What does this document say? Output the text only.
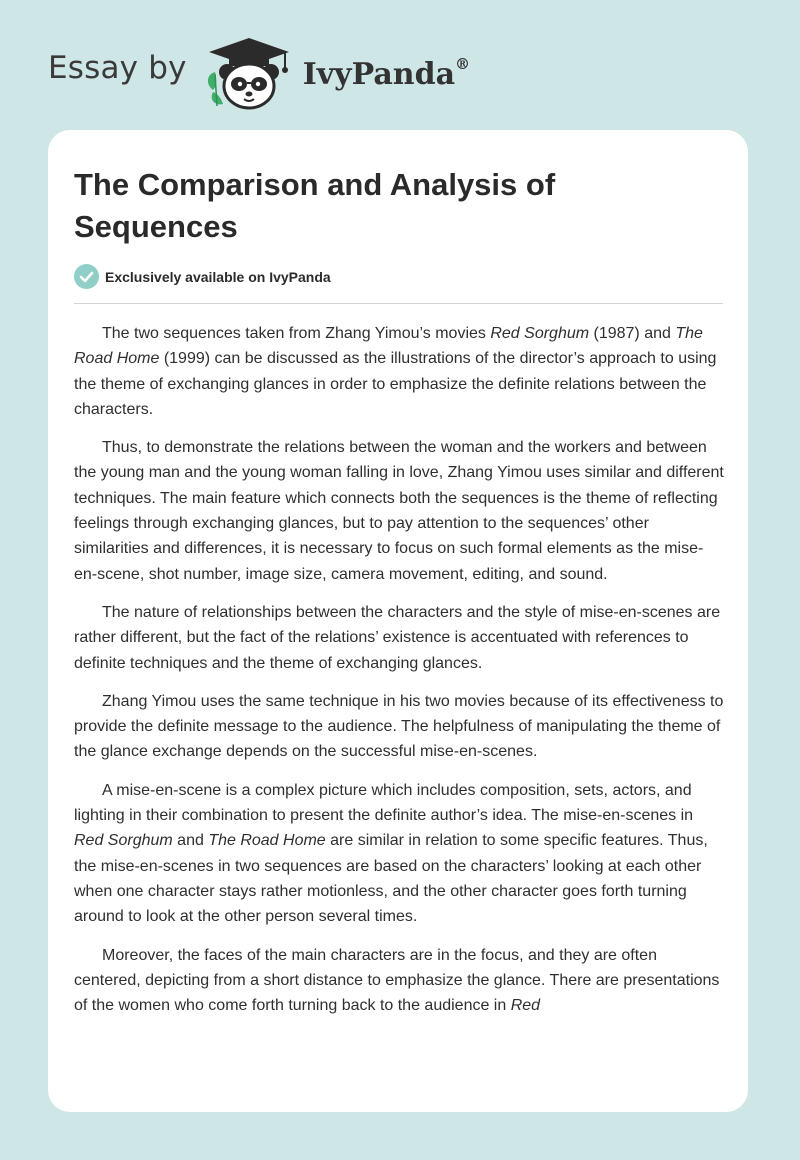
Essay by	IvyPanda®
The Comparison and Analysis of Sequences
Exclusively available on IvyPanda

The two sequences taken from Zhang Yimou’s movies Red Sorghum (1987) and The Road Home (1999) can be discussed as the illustrations of the director’s approach to using the theme of exchanging glances in order to emphasize the definite relations between the characters.

Thus, to demonstrate the relations between the woman and the workers and between the young man and the young woman falling in love, Zhang Yimou uses similar and different techniques. The main feature which connects both the sequences is the theme of reflecting feelings through exchanging glances, but to pay attention to the sequences’ other similarities and differences, it is necessary to focus on such formal elements as the mise-en-scene, shot number, image size, camera movement, editing, and sound.

The nature of relationships between the characters and the style of mise-en-scenes are rather different, but the fact of the relations’ existence is accentuated with references to definite techniques and the theme of exchanging glances.

Zhang Yimou uses the same technique in his two movies because of its effectiveness to provide the definite message to the audience. The helpfulness of manipulating the theme of the glance exchange depends on the successful mise-en-scenes.

A mise-en-scene is a complex picture which includes composition, sets, actors, and lighting in their combination to present the definite author’s idea. The mise-en-scenes in Red Sorghum and The Road Home are similar in relation to some specific features. Thus, the mise-en-scenes in two sequences are based on the characters’ looking at each other when one character stays rather motionless, and the other character goes forth turning around to look at the other person several times.

Moreover, the faces of the main characters are in the focus, and they are often centered, depicting from a short distance to emphasize the glance. There are presentations of the women who come forth turning back to the audience in Red
